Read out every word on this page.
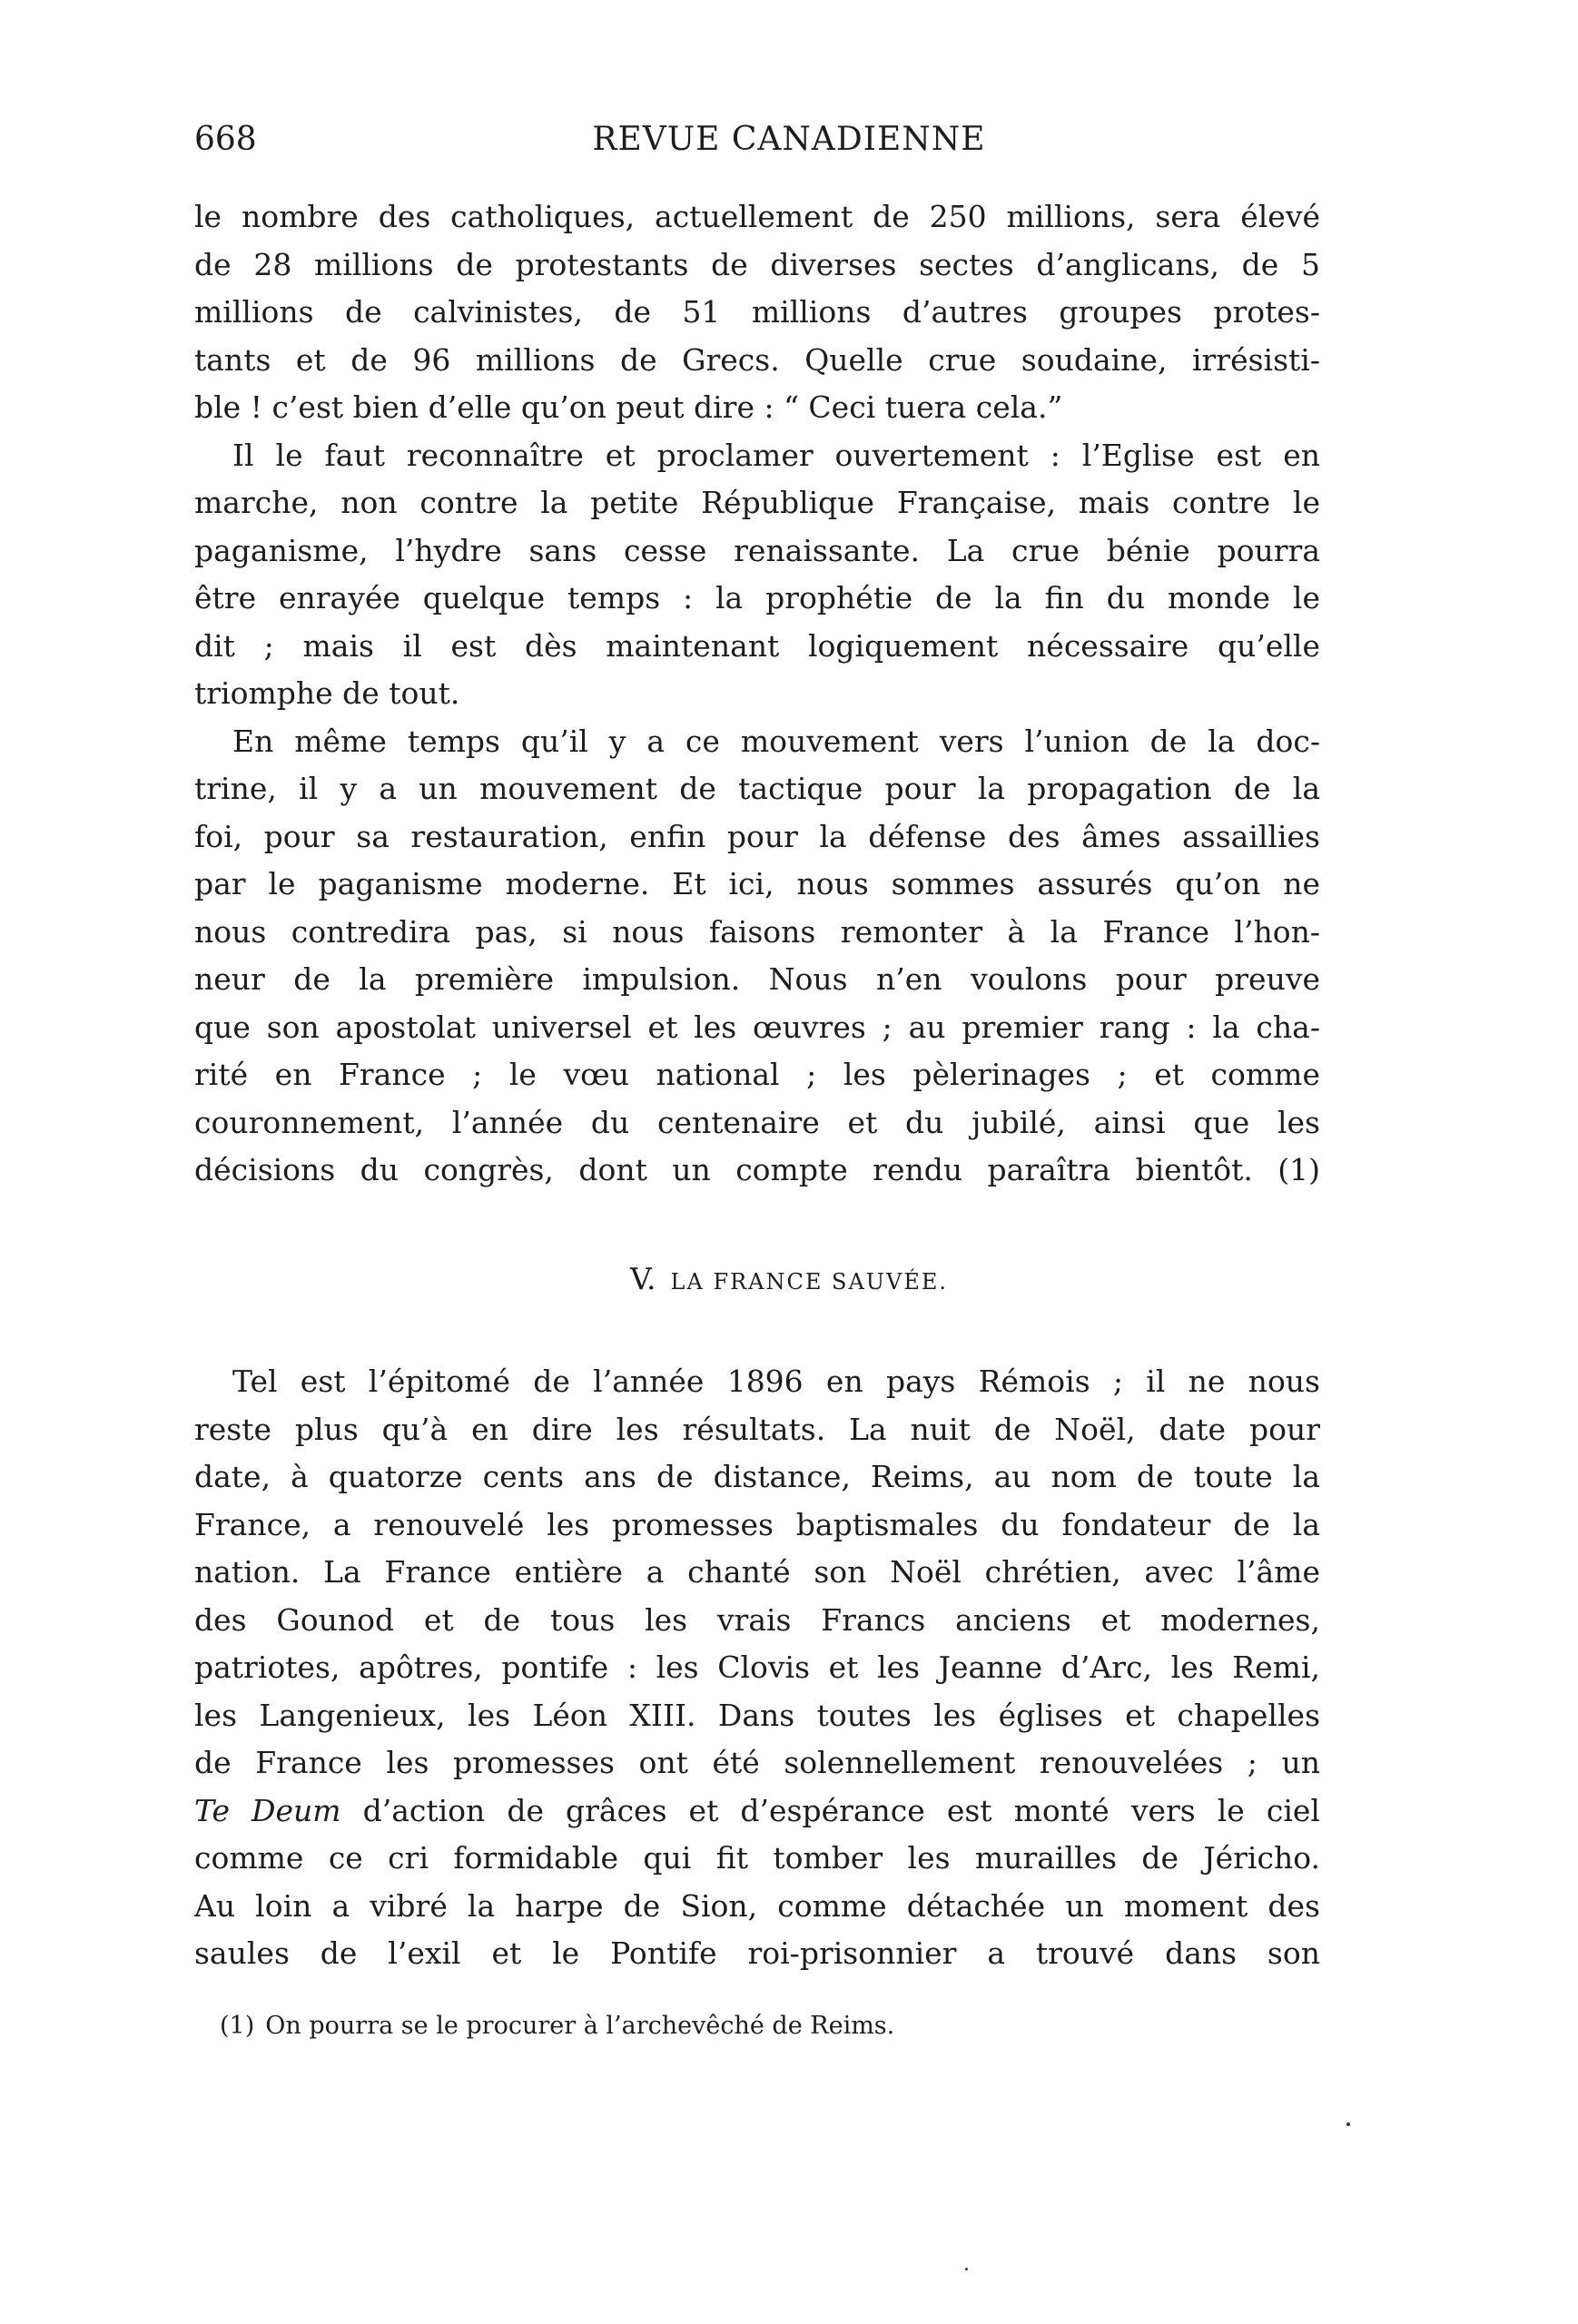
668	REVUE CANADIENNE
le nombre des catholiques, actuellement de 250 millions, sera élevé
de 28 millions de protestants de diverses sectes d’anglicans, de 5
millions de calvinistes, de 51 millions d’autres groupes protes-
tants et de 96 millions de Grecs. Quelle crue soudaine, irrésisti-
ble ! c’est bien d’elle qu’on peut dire : “ Ceci tuera cela.”
Il le faut reconnaître et proclamer ouvertement : l’Eglise est en
marche, non contre la petite République Française, mais contre le
paganisme, l’hydre sans cesse renaissante. La crue bénie pourra
être enrayée quelque temps : la prophétie de la fin du monde le
dit ; mais il est dès maintenant logiquement nécessaire qu’elle
triomphe de tout.
En même temps qu’il y a ce mouvement vers l’union de la doc-
trine, il y a un mouvement de tactique pour la propagation de la
foi, pour sa restauration, enfin pour la défense des âmes assaillies
par le paganisme moderne. Et ici, nous sommes assurés qu’on ne
nous contredira pas, si nous faisons remonter à la France l’hon-
neur de la première impulsion. Nous n’en voulons pour preuve
que son apostolat universel et les œuvres ; au premier rang : la cha-
rité en France ; le vœu national ; les pèlerinages ; et comme
couronnement, l’année du centenaire et du jubilé, ainsi que les
décisions du congrès, dont un compte rendu paraîtra bientôt. (1)
V. LA FRANCE SAUVÉE.
Tel est l’épitomé de l’année 1896 en pays Rémois ; il ne nous
reste plus qu’à en dire les résultats. La nuit de Noël, date pour
date, à quatorze cents ans de distance, Reims, au nom de toute la
France, a renouvelé les promesses baptismales du fondateur de la
nation. La France entière a chanté son Noël chrétien, avec l’âme
des Gounod et de tous les vrais Francs anciens et modernes,
patriotes, apôtres, pontife : les Clovis et les Jeanne d’Arc, les Remi,
les Langenieux, les Léon XIII. Dans toutes les églises et chapelles
de France les promesses ont été solennellement renouvelées ; un
Te Deum d’action de grâces et d’espérance est monté vers le ciel
comme ce cri formidable qui fit tomber les murailles de Jéricho.
Au loin a vibré la harpe de Sion, comme détachée un moment des
saules de l’exil et le Pontife roi-prisonnier a trouvé dans son
(1) On pourra se le procurer à l’archevêché de Reims.
